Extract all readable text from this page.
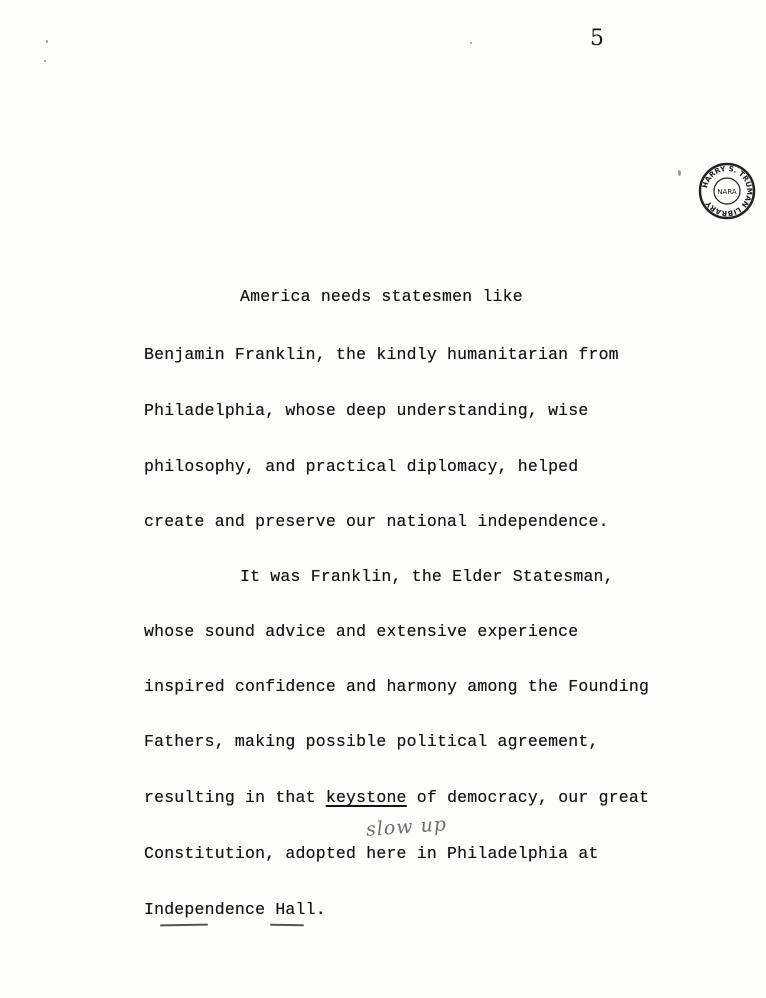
5
HARRY S. TRUMAN LIBRARY
NARA
America needs statesmen like
Benjamin Franklin, the kindly humanitarian from
Philadelphia, whose deep understanding, wise
philosophy, and practical diplomacy, helped
create and preserve our national independence.
It was Franklin, the Elder Statesman,
whose sound advice and extensive experience
inspired confidence and harmony among the Founding
Fathers, making possible political agreement,
resulting in that keystone of democracy, our great
slow up
Constitution, adopted here in Philadelphia at
Independence Hall.
